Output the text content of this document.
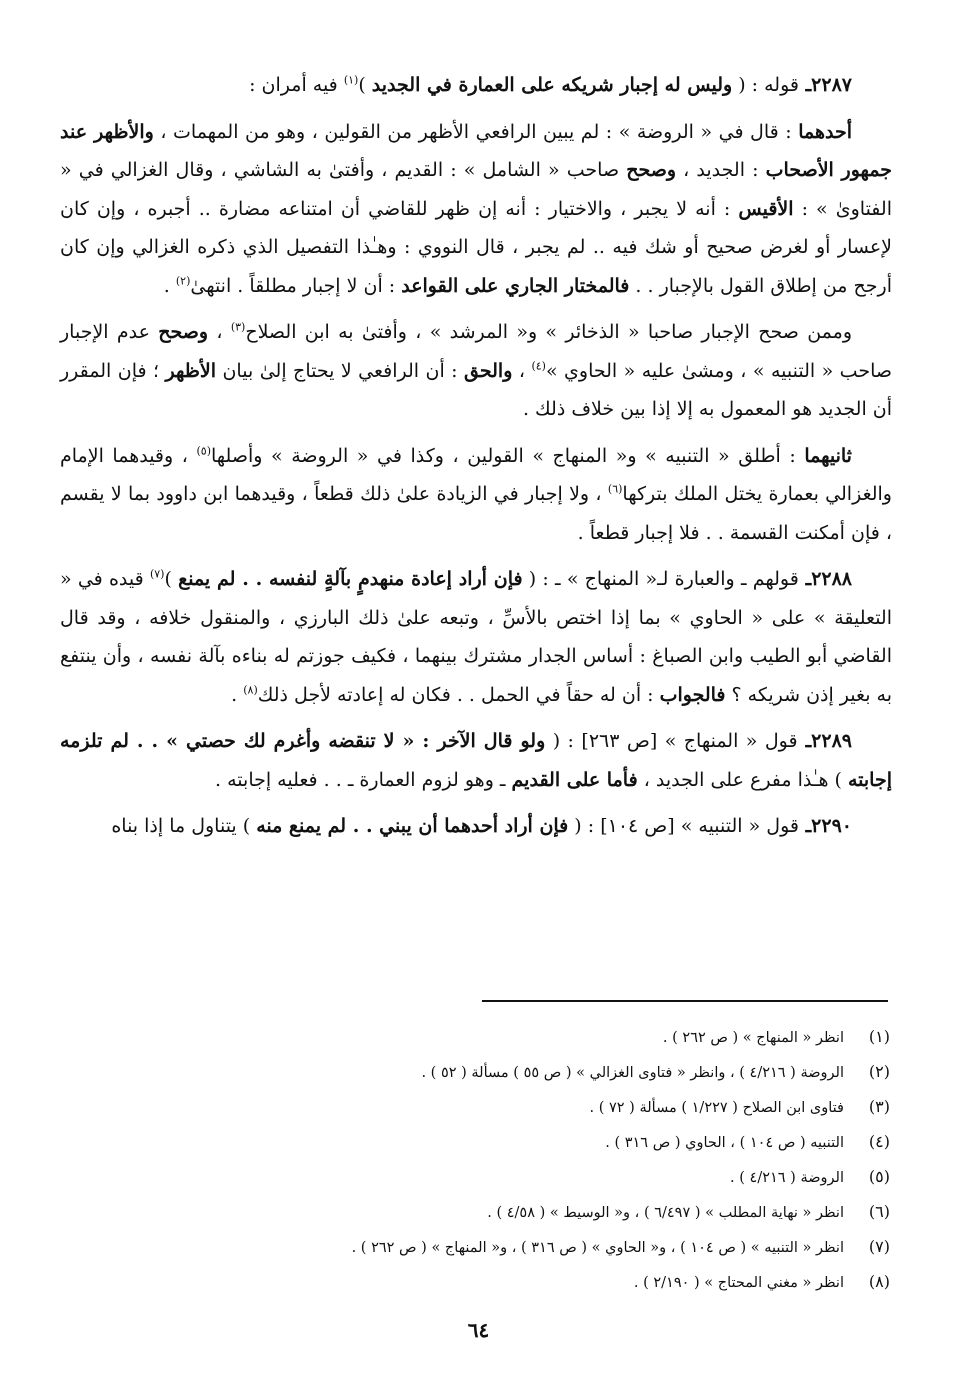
٢٢٨٧ـ قوله : ( وليس له إجبار شريكه على العمارة في الجديد )$^{(١)}$ فيه أمران :

أحدهما : قال في « الروضة » : لم يبين الرافعي الأظهر من القولين ، وهو من المهمات ، والأظهر عند جمهور الأصحاب : الجديد ، وصحح صاحب « الشامل » : القديم ، وأفتىٰ به الشاشي ، وقال الغزالي في « الفتاوىٰ » : الأقيس : أنه لا يجبر ، والاختيار : أنه إن ظهر للقاضي أن امتناعه مضارة .. أجبره ، وإن كان لإعسار أو لغرض صحيح أو شك فيه .. لم يجبر ، قال النووي : وهـٰذا التفصيل الذي ذكره الغزالي وإن كان أرجح من إطلاق القول بالإجبار . . فالمختار الجاري على القواعد : أن لا إجبار مطلقاً . انتهىٰ$^{(٢)}$ .

وممن صحح الإجبار صاحبا « الذخائر » و« المرشد » ، وأفتىٰ به ابن الصلاح$^{(٣)}$ ، وصحح عدم الإجبار صاحب « التنبيه » ، ومشىٰ عليه « الحاوي »$^{(٤)}$ ، والحق : أن الرافعي لا يحتاج إلىٰ بيان الأظهر ؛ فإن المقرر أن الجديد هو المعمول به إلا إذا بين خلاف ذلك .

ثانيهما : أطلق « التنبيه » و« المنهاج » القولين ، وكذا في « الروضة » وأصلها$^{(٥)}$ ، وقيدهما الإمام والغزالي بعمارة يختل الملك بتركها$^{(٦)}$ ، ولا إجبار في الزيادة علىٰ ذلك قطعاً ، وقيدهما ابن داوود بما لا يقسم ، فإن أمكنت القسمة . . فلا إجبار قطعاً .

٢٢٨٨ـ قولهم ـ والعبارة لـ« المنهاج » ـ : ( فإن أراد إعادة منهدمٍ بآلةٍ لنفسه . . لم يمنع )$^{(٧)}$ قيده في « التعليقة » على « الحاوي » بما إذا اختص بالأسِّ ، وتبعه علىٰ ذلك البارزي ، والمنقول خلافه ، وقد قال القاضي أبو الطيب وابن الصباغ : أساس الجدار مشترك بينهما ، فكيف جوزتم له بناءه بآلة نفسه ، وأن ينتفع به بغير إذن شريكه ؟ فالجواب : أن له حقاً في الحمل . . فكان له إعادته لأجل ذلك$^{(٨)}$ .

٢٢٨٩ـ قول « المنهاج » [ص ٢٦٣] : ( ولو قال الآخر : « لا تنقضه وأغرم لك حصتي » . . لم تلزمه إجابته ) هـٰذا مفرع على الجديد ، فأما على القديم ـ وهو لزوم العمارة ـ . . فعليه إجابته .

٢٢٩٠ـ قول « التنبيه » [ص ١٠٤] : ( فإن أراد أحدهما أن يبني . . لم يمنع منه ) يتناول ما إذا بناه

(١)انظر « المنهاج » ( ص ٢٦٢ ) .
(٢)الروضة ( ٤/٢١٦ ) ، وانظر « فتاوى الغزالي » ( ص ٥٥ ) مسألة ( ٥٢ ) .
(٣)فتاوى ابن الصلاح ( ١/٢٢٧ ) مسألة ( ٧٢ ) .
(٤)التنبيه ( ص ١٠٤ ) ، الحاوي ( ص ٣١٦ ) .
(٥)الروضة ( ٤/٢١٦ ) .
(٦)انظر « نهاية المطلب » ( ٦/٤٩٧ ) ، و« الوسيط » ( ٤/٥٨ ) .
(٧)انظر « التنبيه » ( ص ١٠٤ ) ، و« الحاوي » ( ص ٣١٦ ) ، و« المنهاج » ( ص ٢٦٢ ) .
(٨)انظر « مغني المحتاج » ( ٢/١٩٠ ) .
٦٤
